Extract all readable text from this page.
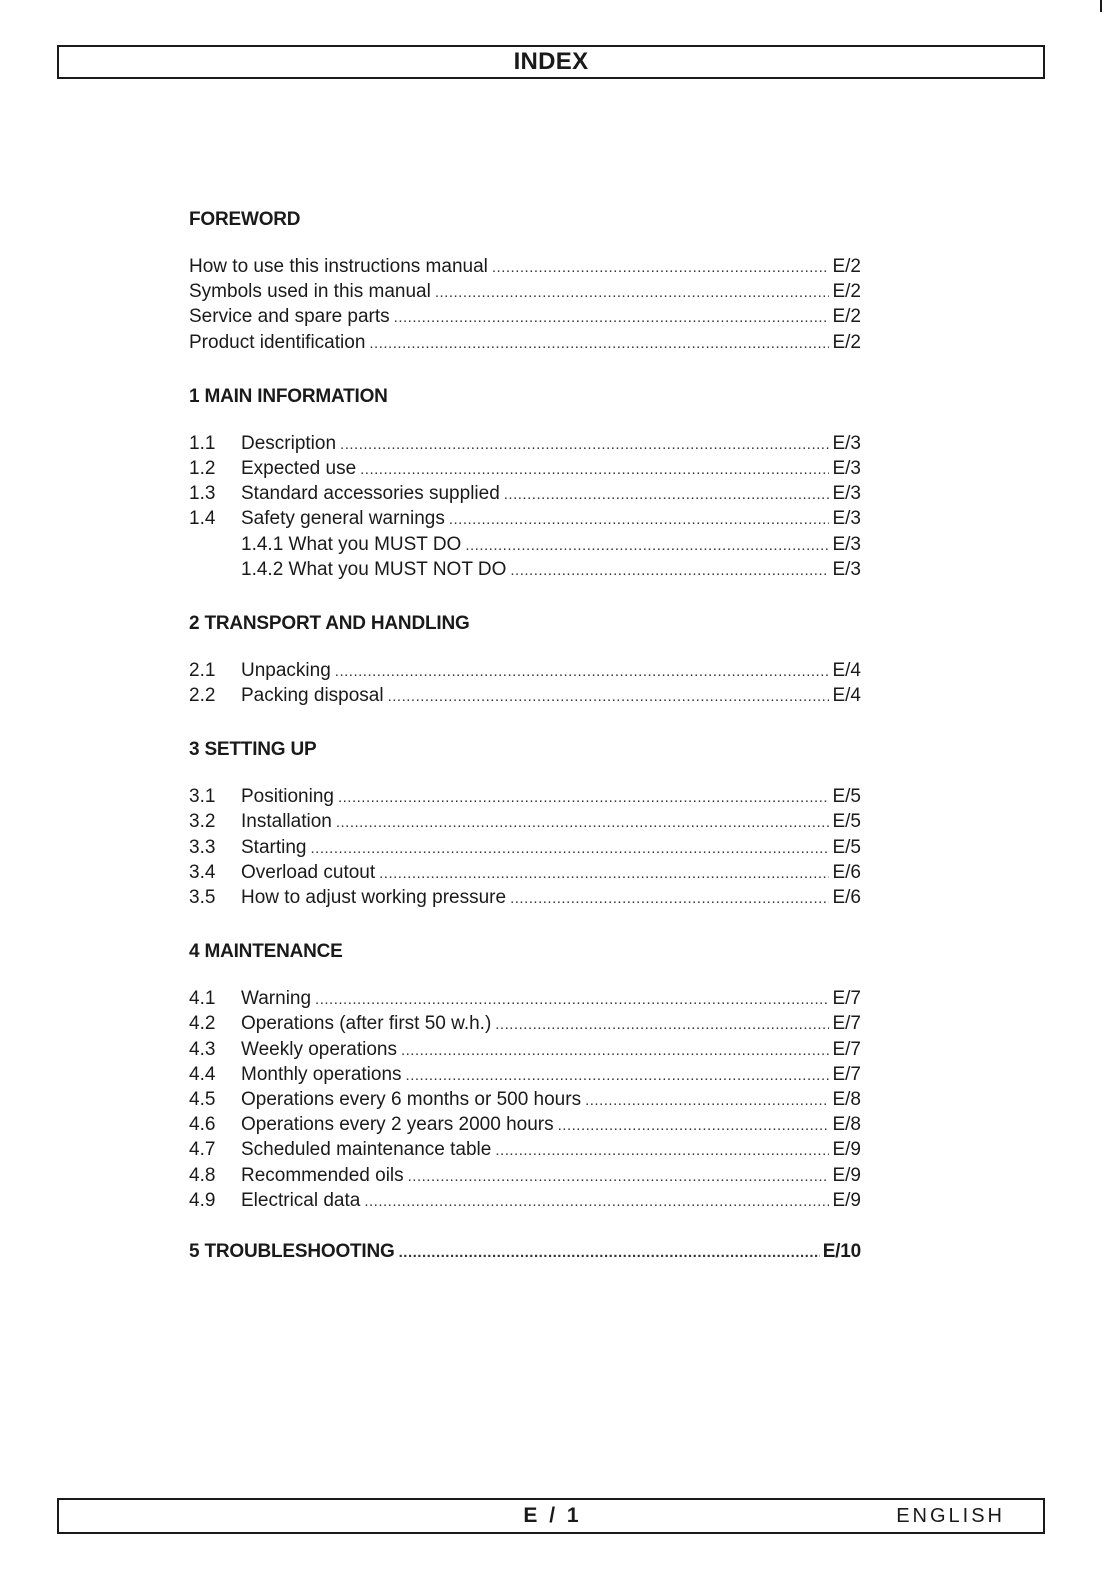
INDEX
FOREWORD
How to use this instructions manual .....	E/2
Symbols used in this manual .....	E/2
Service and spare parts .....	E/2
Product identification .....	E/2
1 MAIN INFORMATION
1.1	Description .....	E/3
1.2	Expected use .....	E/3
1.3	Standard accessories supplied .....	E/3
1.4	Safety general warnings .....	E/3
1.4.1 What you MUST DO .....	E/3
1.4.2 What you MUST NOT DO .....	E/3
2 TRANSPORT AND HANDLING
2.1	Unpacking .....	E/4
2.2	Packing disposal .....	E/4
3 SETTING UP
3.1	Positioning .....	E/5
3.2	Installation .....	E/5
3.3	Starting .....	E/5
3.4	Overload cutout .....	E/6
3.5	How to adjust working pressure .....	E/6
4 MAINTENANCE
4.1	Warning .....	E/7
4.2	Operations (after first 50 w.h.) .....	E/7
4.3	Weekly operations .....	E/7
4.4	Monthly operations .....	E/7
4.5	Operations every 6 months or 500 hours .....	E/8
4.6	Operations every 2 years 2000 hours .....	E/8
4.7	Scheduled maintenance table .....	E/9
4.8	Recommended oils .....	E/9
4.9	Electrical data .....	E/9
5 TROUBLESHOOTING .....	E/10
E / 1	ENGLISH
